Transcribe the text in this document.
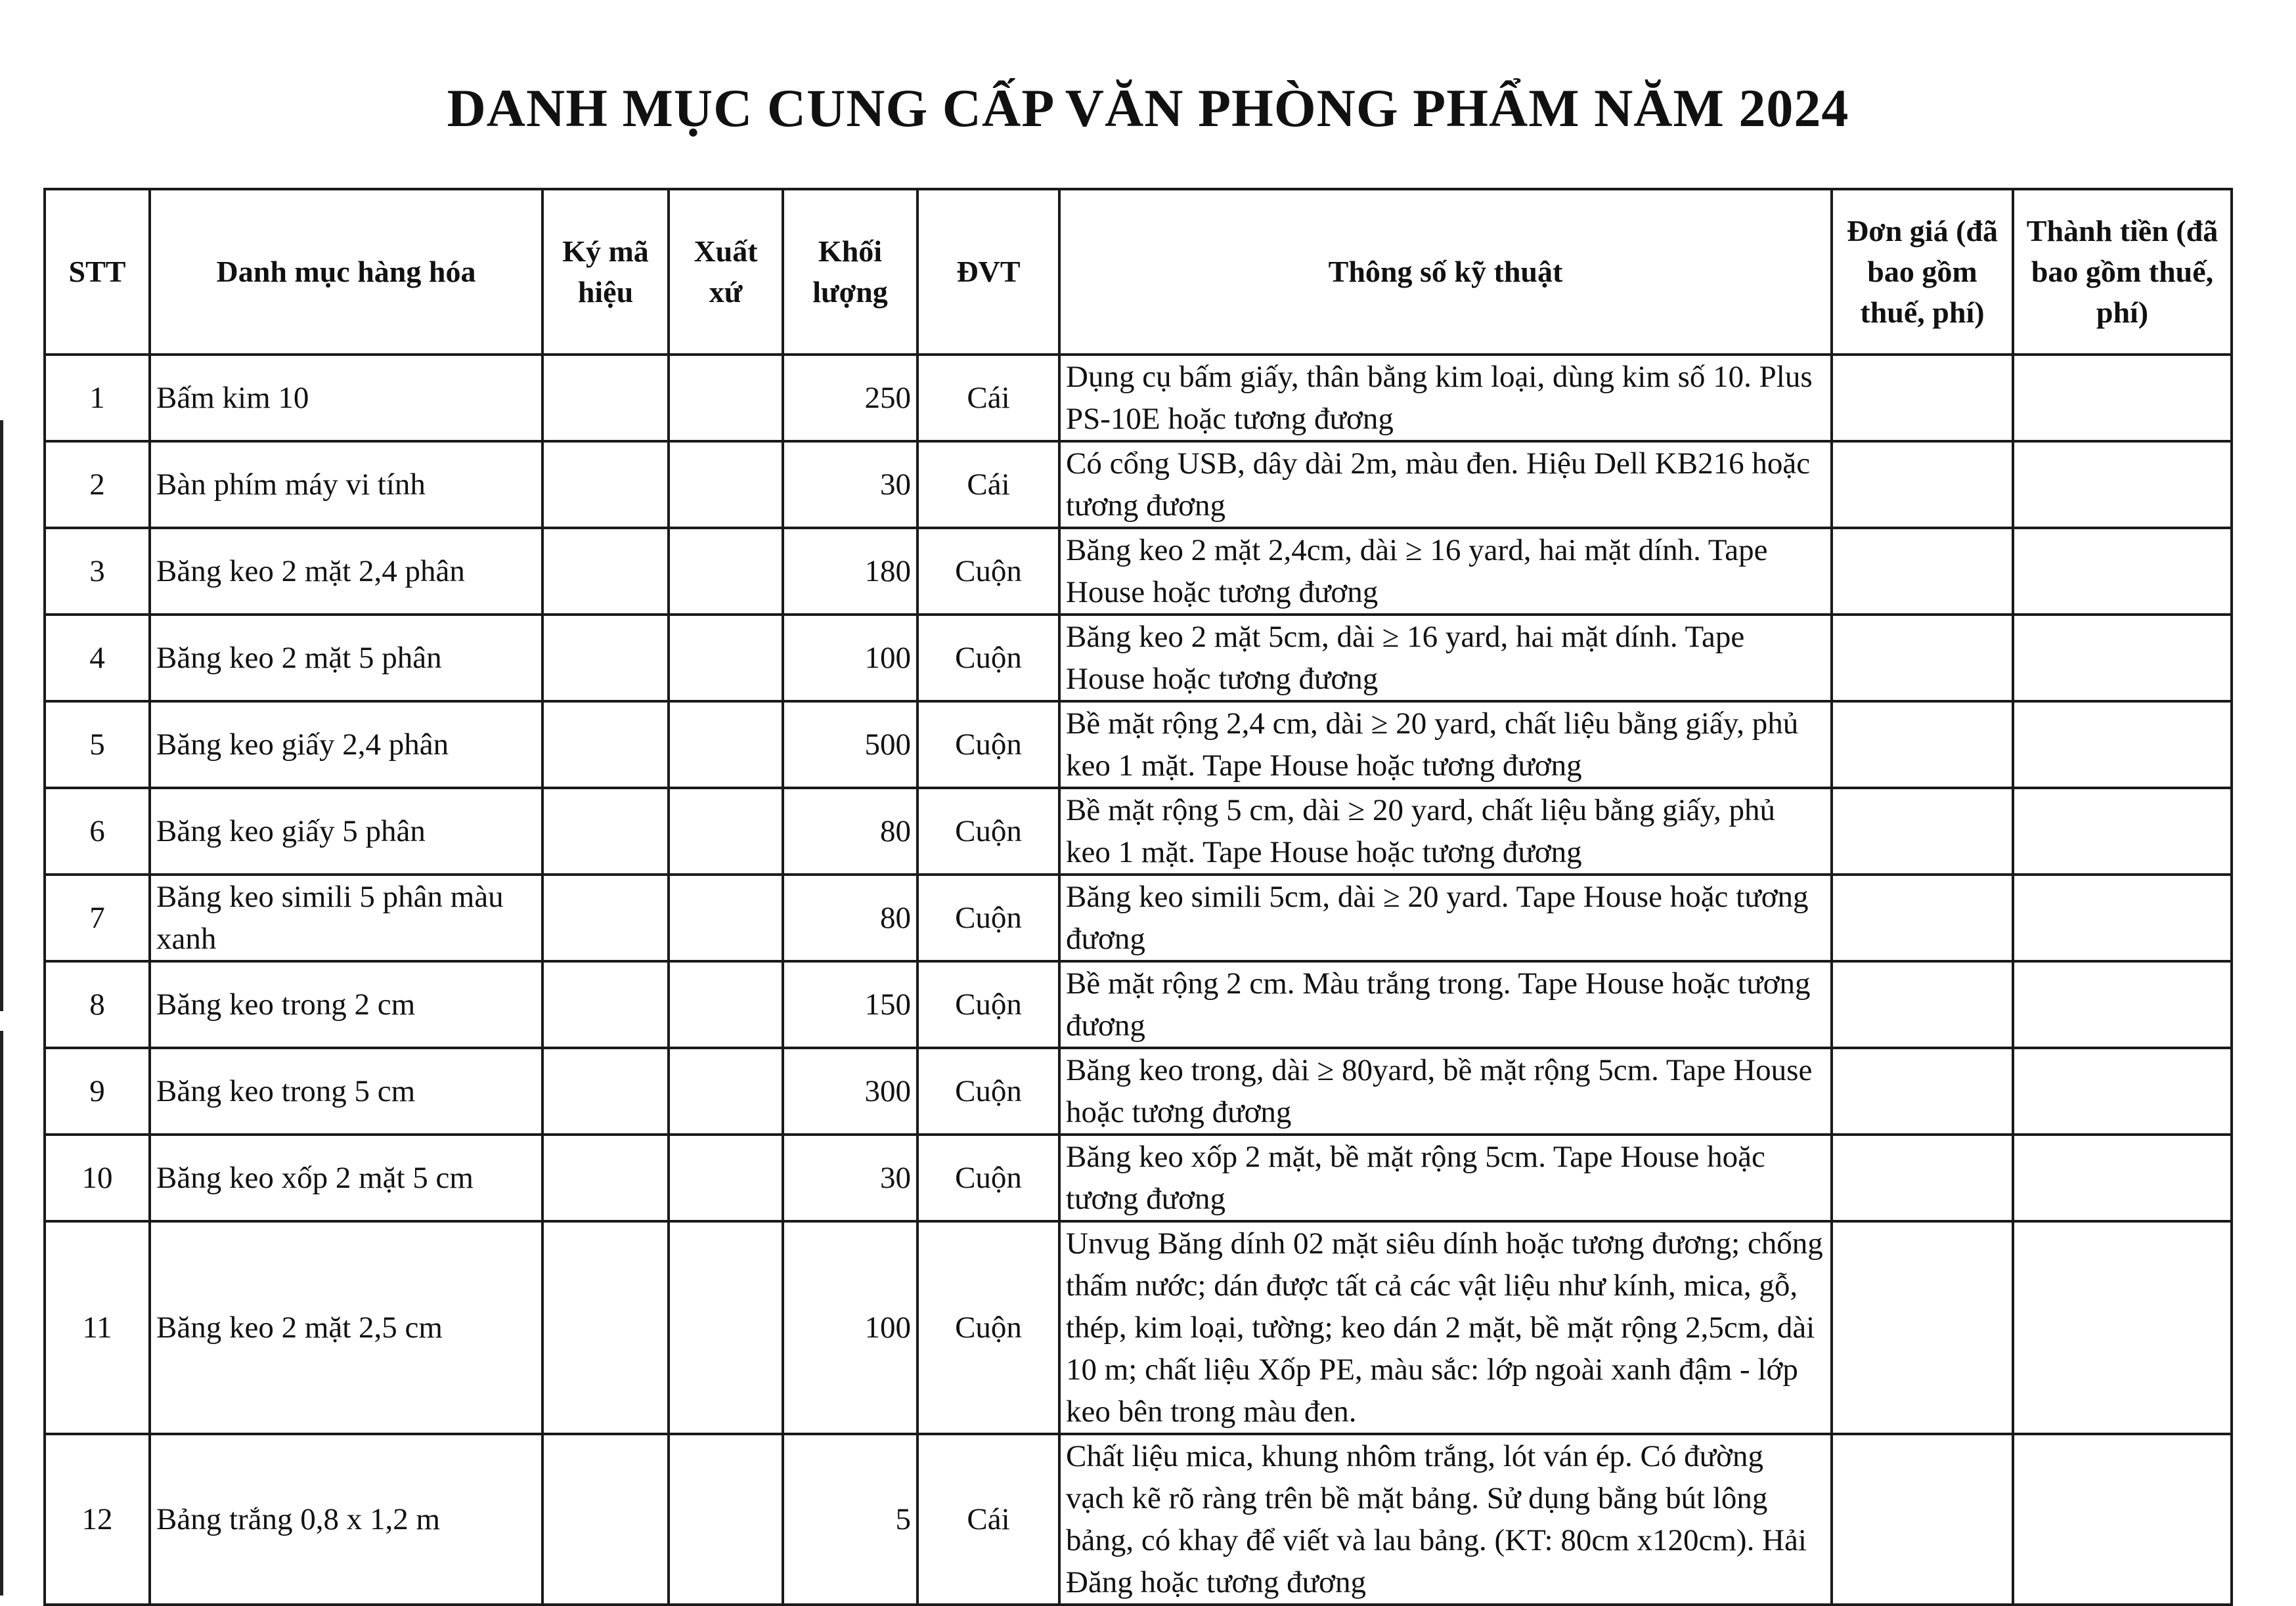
DANH MỤC CUNG CẤP VĂN PHÒNG PHẨM NĂM 2024
STT	Danh mục hàng hóa	Ký mã hiệu	Xuất xứ	Khối lượng	ĐVT	Thông số kỹ thuật	Đơn giá (đã bao gồm thuế, phí)	Thành tiền (đã bao gồm thuế, phí)
1	Bấm kim 10			250	Cái	Dụng cụ bấm giấy, thân bằng kim loại, dùng kim số 10. Plus PS-10E hoặc tương đương		
2	Bàn phím máy vi tính			30	Cái	Có cổng USB, dây dài 2m, màu đen. Hiệu Dell KB216 hoặc tương đương		
3	Băng keo 2 mặt 2,4 phân			180	Cuộn	Băng keo 2 mặt 2,4cm, dài ≥ 16 yard, hai mặt dính. Tape House hoặc tương đương		
4	Băng keo 2 mặt 5 phân			100	Cuộn	Băng keo 2 mặt 5cm, dài ≥ 16 yard, hai mặt dính. Tape House hoặc tương đương		
5	Băng keo giấy 2,4 phân			500	Cuộn	Bề mặt rộng 2,4 cm, dài ≥ 20 yard, chất liệu bằng giấy, phủ keo 1 mặt. Tape House hoặc tương đương		
6	Băng keo giấy 5 phân			80	Cuộn	Bề mặt rộng 5 cm, dài ≥ 20 yard, chất liệu bằng giấy, phủ keo 1 mặt. Tape House hoặc tương đương		
7	Băng keo simili 5 phân màu xanh			80	Cuộn	Băng keo simili 5cm, dài ≥ 20 yard. Tape House hoặc tương đương		
8	Băng keo trong 2 cm			150	Cuộn	Bề mặt rộng 2 cm. Màu trắng trong. Tape House hoặc tương đương		
9	Băng keo trong 5 cm			300	Cuộn	Băng keo trong, dài ≥ 80yard, bề mặt rộng 5cm. Tape House hoặc tương đương		
10	Băng keo xốp 2 mặt 5 cm			30	Cuộn	Băng keo xốp 2 mặt, bề mặt rộng 5cm. Tape House hoặc tương đương		
11	Băng keo 2 mặt 2,5 cm			100	Cuộn	Unvug Băng dính 02 mặt siêu dính hoặc tương đương; chống thấm nước; dán được tất cả các vật liệu như kính, mica, gỗ, thép, kim loại, tường; keo dán 2 mặt, bề mặt rộng 2,5cm, dài 10 m; chất liệu Xốp PE, màu sắc: lớp ngoài xanh đậm - lớp keo bên trong màu đen.		
12	Bảng trắng 0,8 x 1,2 m			5	Cái	Chất liệu mica, khung nhôm trắng, lót ván ép. Có đường vạch kẽ rõ ràng trên bề mặt bảng. Sử dụng bằng bút lông bảng, có khay để viết và lau bảng. (KT: 80cm x120cm). Hải Đăng hoặc tương đương		
